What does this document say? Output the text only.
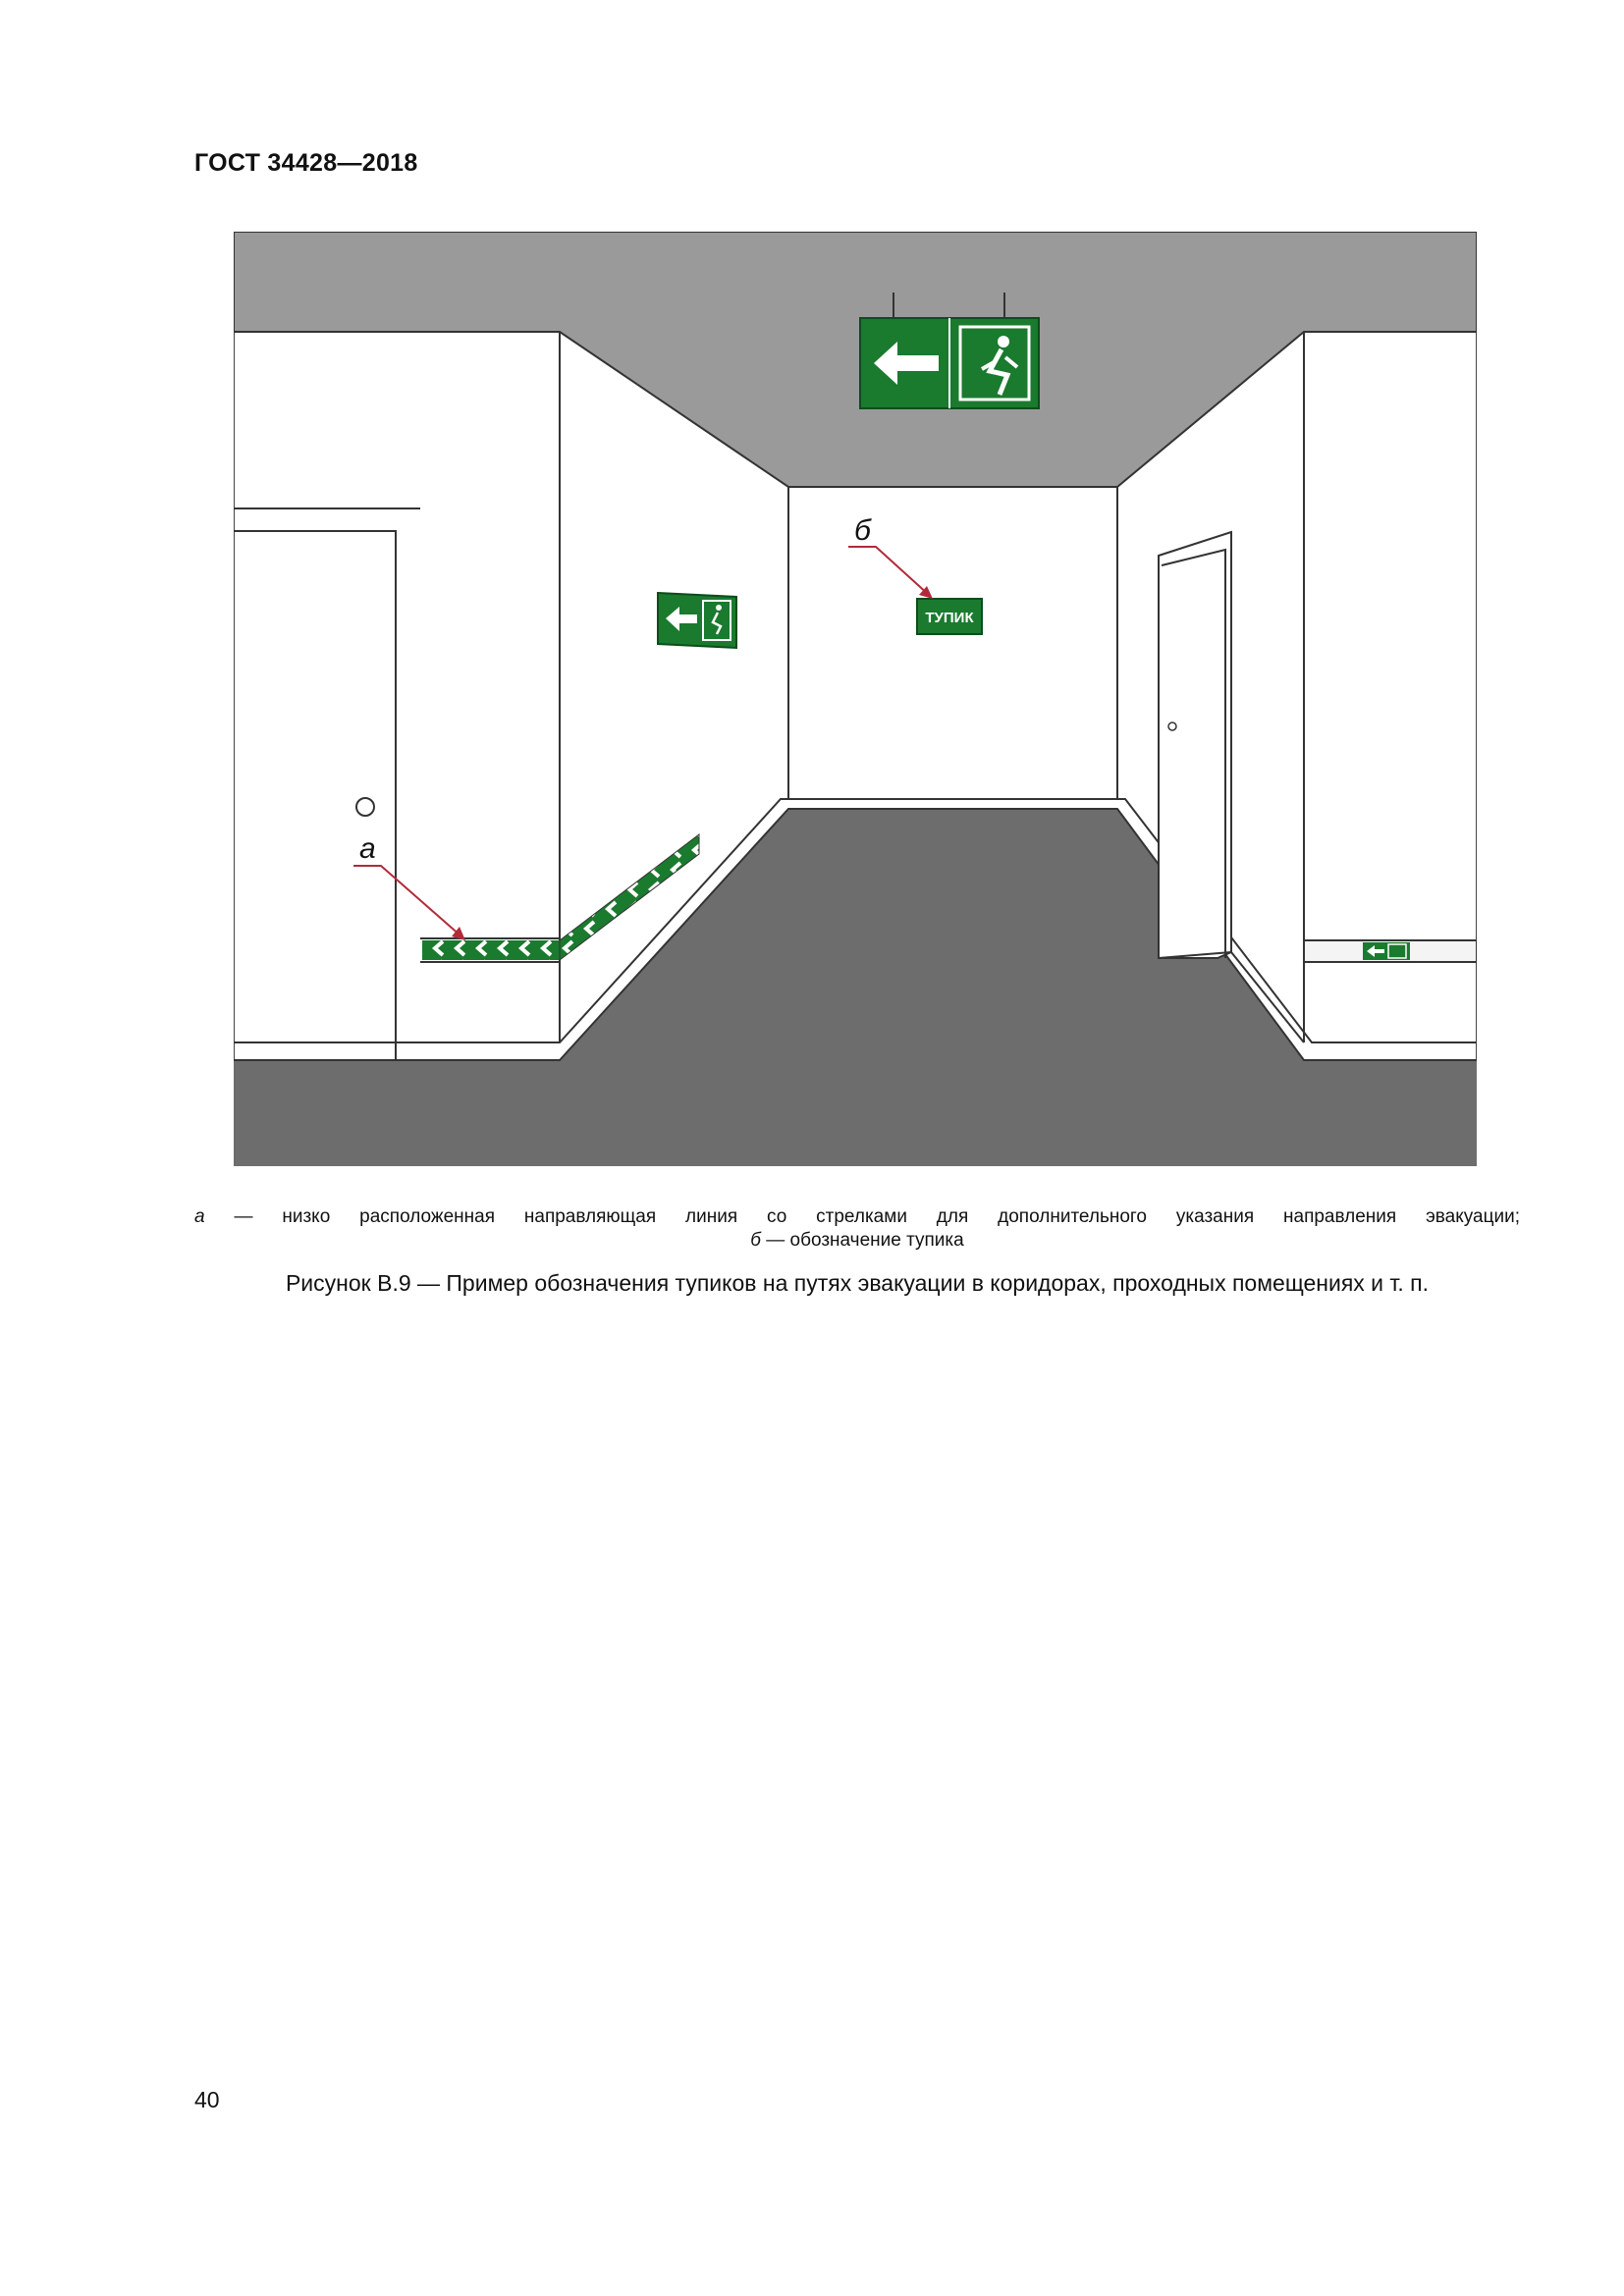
ГОСТ 34428—2018
ТУПИК
а
б
а — низко расположенная направляющая линия со стрелками для дополнительного указания направления эвакуации;
б — обозначение тупика
Рисунок В.9 — Пример обозначения тупиков на путях эвакуации в коридорах, проходных помещениях и т. п.
40
